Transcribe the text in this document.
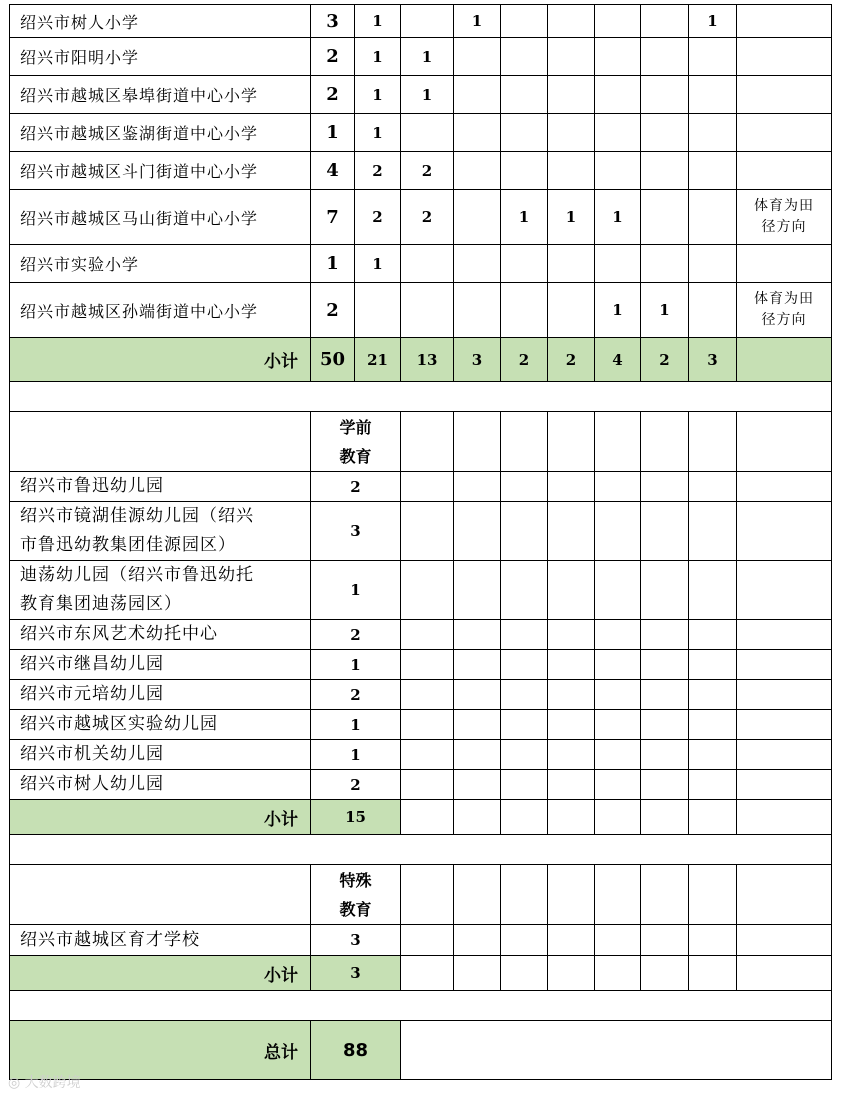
绍兴市树人小学	3	1		1					1	
绍兴市阳明小学	2	1	1							
绍兴市越城区皋埠街道中心小学	2	1	1							
绍兴市越城区鉴湖街道中心小学	1	1								
绍兴市越城区斗门街道中心小学	4	2	2							
绍兴市越城区马山街道中心小学	7	2	2		1	1	1			体育为田
径方向

绍兴市实验小学	1	1								
绍兴市越城区孙端街道中心小学	2						1	1		体育为田
径方向

小计	50	21	13	3	2	2	4	2	3	

	学前
教育									

绍兴市鲁迅幼儿园	2									

绍兴市镜湖佳源幼儿园（绍兴
市鲁迅幼教集团佳源园区）	3									

迪荡幼儿园（绍兴市鲁迅幼托
教育集团迪荡园区）	1									

绍兴市东风艺术幼托中心	2									

绍兴市继昌幼儿园	1									

绍兴市元培幼儿园	2									

绍兴市越城区实验幼儿园	1									

绍兴市机关幼儿园	1									

绍兴市树人幼儿园	2									
小计	15									

	特殊
教育									

绍兴市越城区育才学校	3									
小计	3									

总计	88									
◎ 大数跨境
